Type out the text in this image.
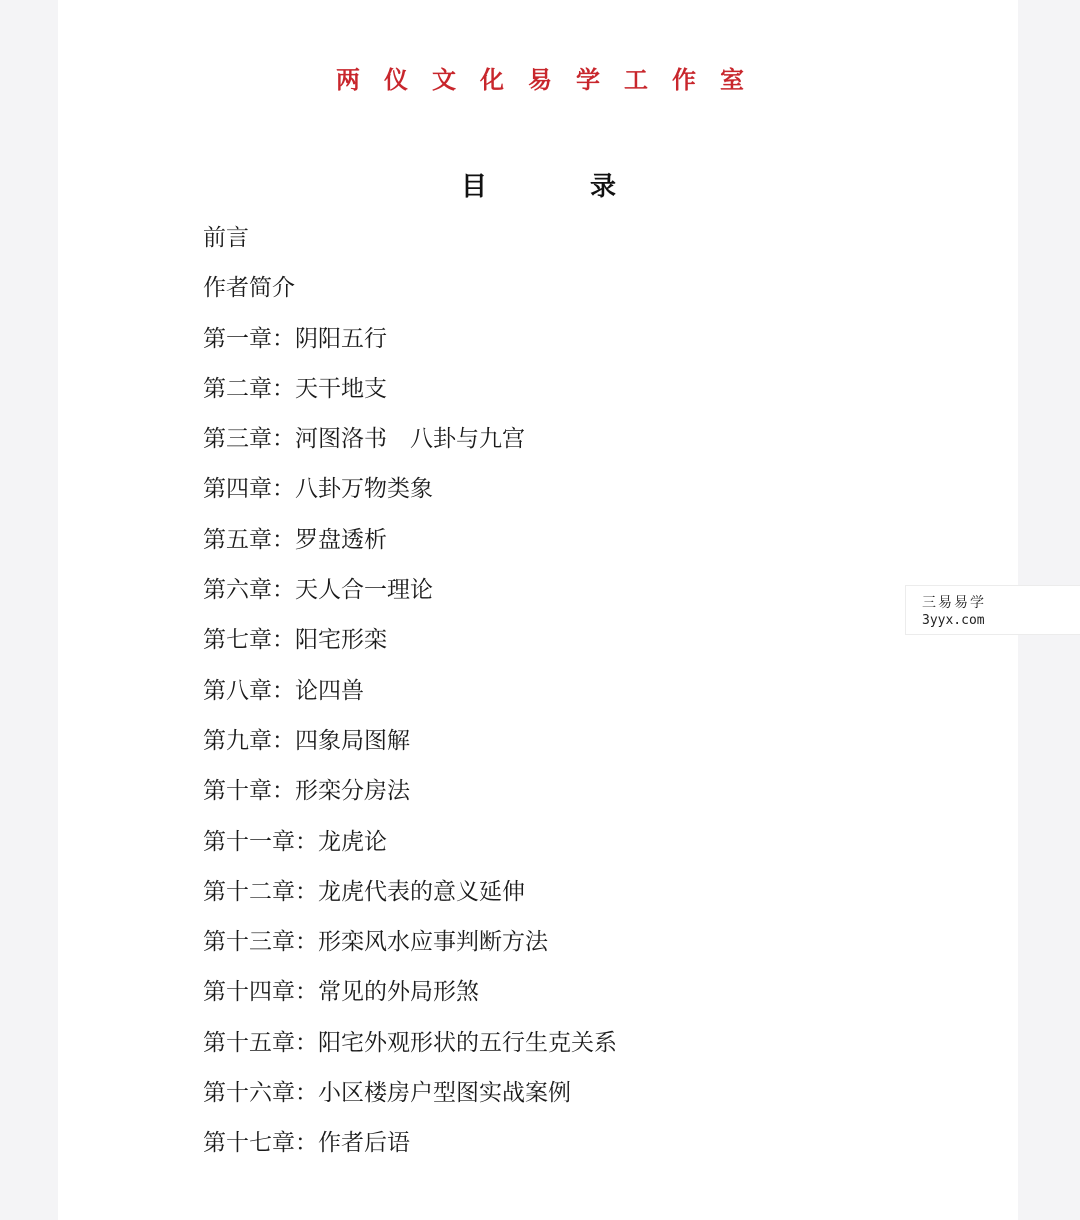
两仪文化易学工作室
目	录
前言
作者简介
第一章：阴阳五行
第二章：天干地支
第三章：河图洛书　八卦与九宫
第四章：八卦万物类象
第五章：罗盘透析
第六章：天人合一理论
第七章：阳宅形栾
第八章：论四兽
第九章：四象局图解
第十章：形栾分房法
第十一章：龙虎论
第十二章：龙虎代表的意义延伸
第十三章：形栾风水应事判断方法
第十四章：常见的外局形煞
第十五章：阳宅外观形状的五行生克关系
第十六章：小区楼房户型图实战案例
第十七章：作者后语
三易易学
3yyx.com
